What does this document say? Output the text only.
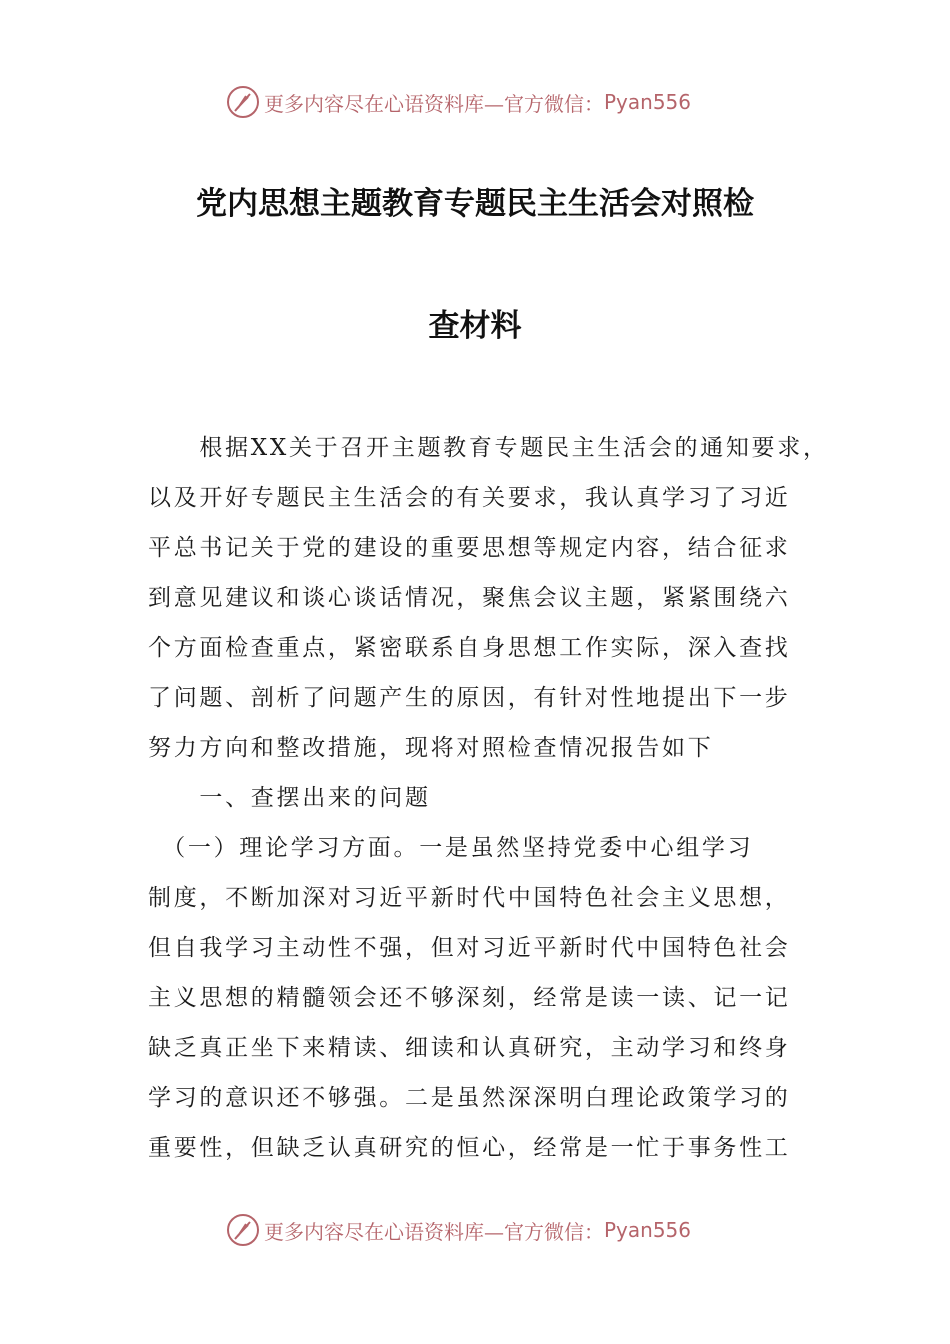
更多内容尽在心语资料库—官方微信： Pyan556
党内思想主题教育专题民主生活会对照检
查材料
　　根据XX关于召开主题教育专题民主生活会的通知要求，
以及开好专题民主生活会的有关要求，我认真学习了习近
平总书记关于党的建设的重要思想等规定内容，结合征求
到意见建议和谈心谈话情况，聚焦会议主题，紧紧围绕六
个方面检查重点，紧密联系自身思想工作实际，深入查找
了问题、剖析了问题产生的原因，有针对性地提出下一步
努力方向和整改措施，现将对照检查情况报告如下
　　一、查摆出来的问题
　（一）理论学习方面。一是虽然坚持党委中心组学习
制度，不断加深对习近平新时代中国特色社会主义思想，
但自我学习主动性不强，但对习近平新时代中国特色社会
主义思想的精髓领会还不够深刻，经常是读一读、记一记
缺乏真正坐下来精读、细读和认真研究，主动学习和终身
学习的意识还不够强。二是虽然深深明白理论政策学习的
重要性，但缺乏认真研究的恒心，经常是一忙于事务性工
更多内容尽在心语资料库—官方微信： Pyan556
